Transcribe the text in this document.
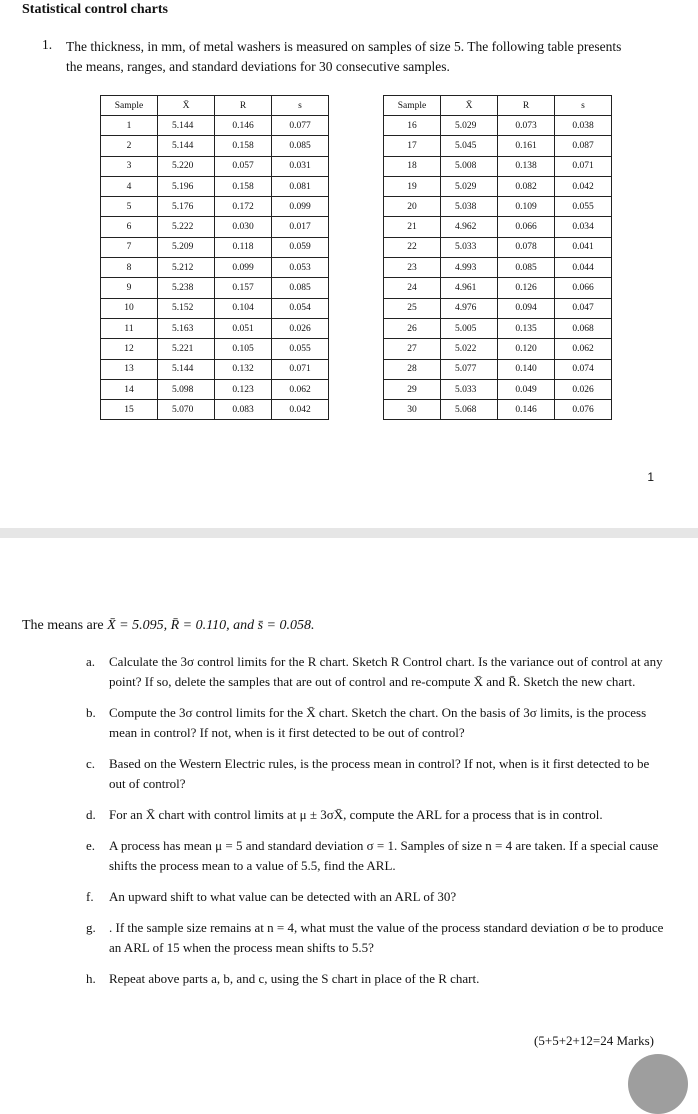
Statistical control charts
1. The thickness, in mm, of metal washers is measured on samples of size 5. The following table presents the means, ranges, and standard deviations for 30 consecutive samples.
Sample	X̄	R	s
1	5.144	0.146	0.077
2	5.144	0.158	0.085
3	5.220	0.057	0.031
4	5.196	0.158	0.081
5	5.176	0.172	0.099
6	5.222	0.030	0.017
7	5.209	0.118	0.059
8	5.212	0.099	0.053
9	5.238	0.157	0.085
10	5.152	0.104	0.054
11	5.163	0.051	0.026
12	5.221	0.105	0.055
13	5.144	0.132	0.071
14	5.098	0.123	0.062
15	5.070	0.083	0.042
Sample	X̄	R	s
16	5.029	0.073	0.038
17	5.045	0.161	0.087
18	5.008	0.138	0.071
19	5.029	0.082	0.042
20	5.038	0.109	0.055
21	4.962	0.066	0.034
22	5.033	0.078	0.041
23	4.993	0.085	0.044
24	4.961	0.126	0.066
25	4.976	0.094	0.047
26	5.005	0.135	0.068
27	5.022	0.120	0.062
28	5.077	0.140	0.074
29	5.033	0.049	0.026
30	5.068	0.146	0.076
1
The means are X̄ = 5.095, R̄ = 0.110, and s̄ = 0.058.
a. Calculate the 3σ control limits for the R chart. Sketch R Control chart. Is the variance out of control at any point? If so, delete the samples that are out of control and re-compute X̄ and R̄. Sketch the new chart.
b. Compute the 3σ control limits for the X̄ chart. Sketch the chart. On the basis of 3σ limits, is the process mean in control? If not, when is it first detected to be out of control?
c. Based on the Western Electric rules, is the process mean in control? If not, when is it first detected to be out of control?
d. For an X̄ chart with control limits at μ ± 3σX̄, compute the ARL for a process that is in control.
e. A process has mean μ = 5 and standard deviation σ = 1. Samples of size n = 4 are taken. If a special cause shifts the process mean to a value of 5.5, find the ARL.
f. An upward shift to what value can be detected with an ARL of 30?
g. . If the sample size remains at n = 4, what must the value of the process standard deviation σ be to produce an ARL of 15 when the process mean shifts to 5.5?
h. Repeat above parts a, b, and c, using the S chart in place of the R chart.
(5+5+2+12=24 Marks)
